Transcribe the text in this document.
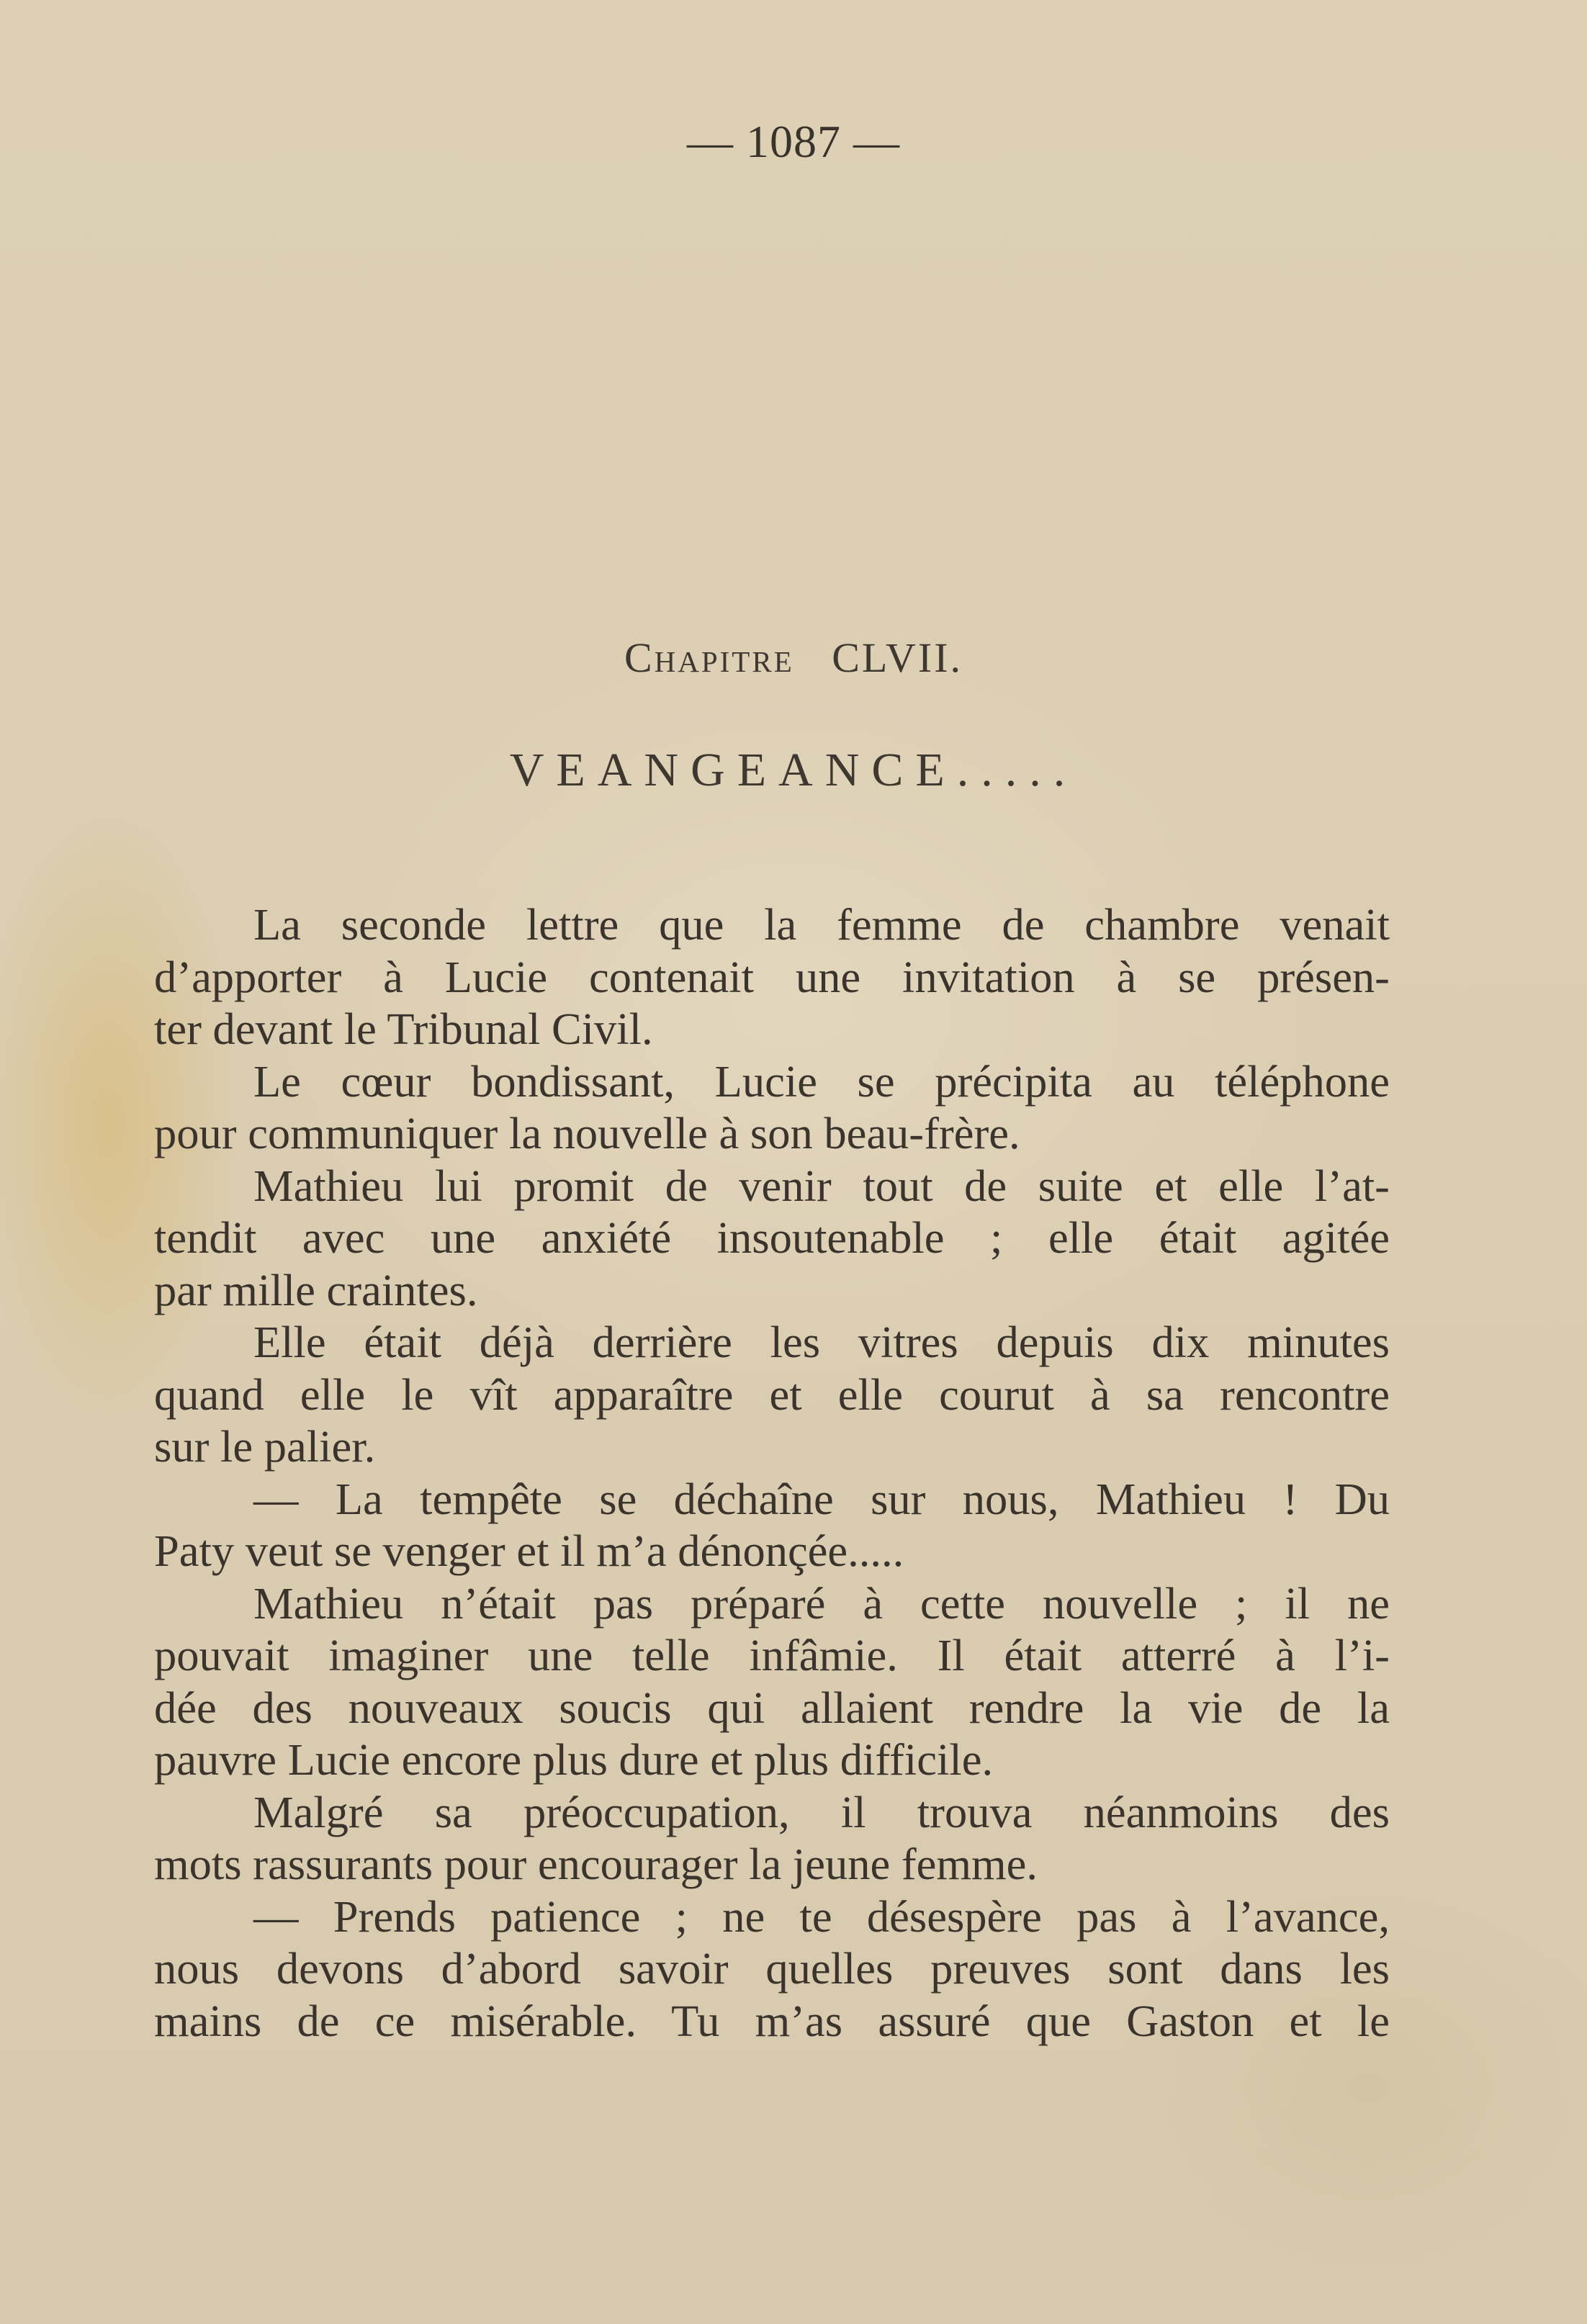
— 1087 —
Chapitre CLVII.
VEANGEANCE.....
La seconde lettre que la femme de chambre venait
d’apporter à Lucie contenait une invitation à se présen-
ter devant le Tribunal Civil.
Le cœur bondissant, Lucie se précipita au téléphone
pour communiquer la nouvelle à son beau-frère.
Mathieu lui promit de venir tout de suite et elle l’at-
tendit avec une anxiété insoutenable ; elle était agitée
par mille craintes.
Elle était déjà derrière les vitres depuis dix minutes
quand elle le vît apparaître et elle courut à sa rencontre
sur le palier.
— La tempête se déchaîne sur nous, Mathieu ! Du
Paty veut se venger et il m’a dénonçée.....
Mathieu n’était pas préparé à cette nouvelle ; il ne
pouvait imaginer une telle infâmie. Il était atterré à l’i-
dée des nouveaux soucis qui allaient rendre la vie de la
pauvre Lucie encore plus dure et plus difficile.
Malgré sa préoccupation, il trouva néanmoins des
mots rassurants pour encourager la jeune femme.
— Prends patience ; ne te désespère pas à l’avance,
nous devons d’abord savoir quelles preuves sont dans les
mains de ce misérable. Tu m’as assuré que Gaston et le
